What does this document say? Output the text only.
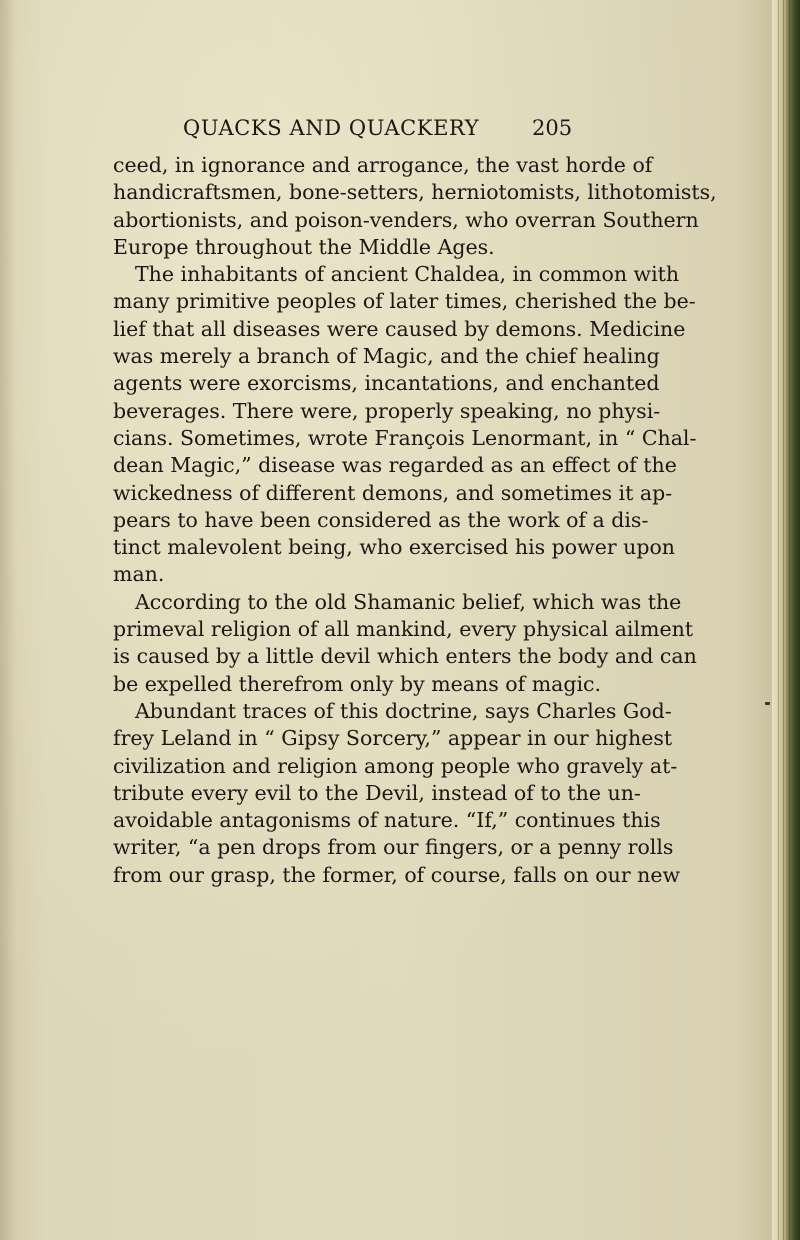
QUACKS AND QUACKERY	205
ceed, in ignorance and arrogance, the vast horde of
handicraftsmen, bone-setters, herniotomists, lithotomists,
abortionists, and poison-venders, who overran Southern
Europe throughout the Middle Ages.
The inhabitants of ancient Chaldea, in common with
many primitive peoples of later times, cherished the be-
lief that all diseases were caused by demons. Medicine
was merely a branch of Magic, and the chief healing
agents were exorcisms, incantations, and enchanted
beverages. There were, properly speaking, no physi-
cians. Sometimes, wrote François Lenormant, in “ Chal-
dean Magic,” disease was regarded as an effect of the
wickedness of different demons, and sometimes it ap-
pears to have been considered as the work of a dis-
tinct malevolent being, who exercised his power upon
man.
According to the old Shamanic belief, which was the
primeval religion of all mankind, every physical ailment
is caused by a little devil which enters the body and can
be expelled therefrom only by means of magic.
Abundant traces of this doctrine, says Charles God-
frey Leland in “ Gipsy Sorcery,” appear in our highest
civilization and religion among people who gravely at-
tribute every evil to the Devil, instead of to the un-
avoidable antagonisms of nature. “If,” continues this
writer, “a pen drops from our fingers, or a penny rolls
from our grasp, the former, of course, falls on our new
